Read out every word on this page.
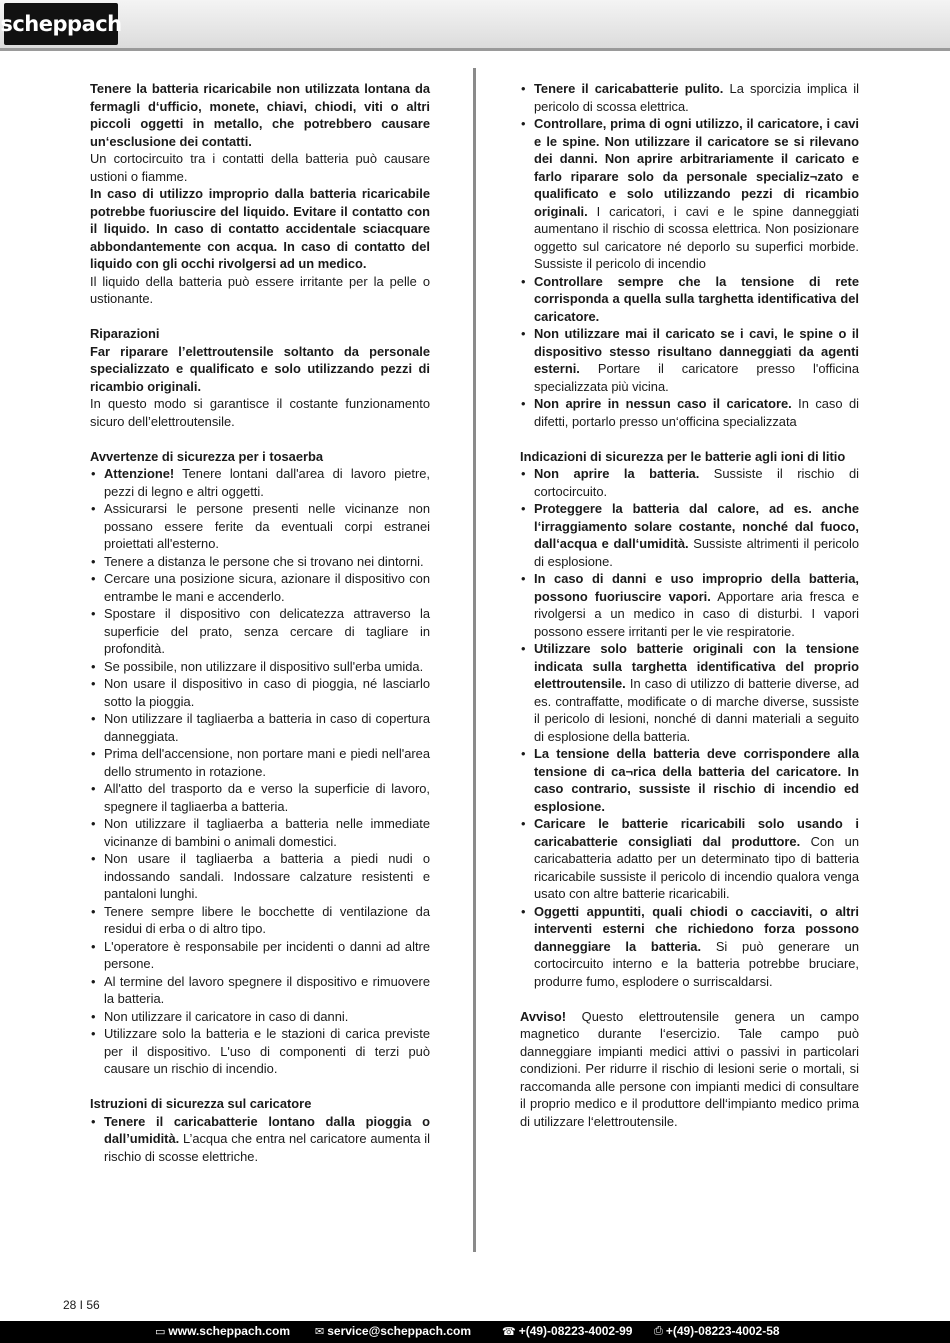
scheppach

Tenere la batteria ricaricabile non utilizzata lontana da fermagli d‘ufficio, monete, chiavi, chiodi, viti o altri piccoli oggetti in metallo, che potrebbero causare un‘esclusione dei contatti.

Un cortocircuito tra i contatti della batteria può causare ustioni o fiamme.

In caso di utilizzo improprio dalla batteria ricaricabile potrebbe fuoriuscire del liquido. Evitare il contatto con il liquido. In caso di contatto accidentale sciacquare abbondantemente con acqua. In caso di contatto del liquido con gli occhi rivolgersi ad un medico.

Il liquido della batteria può essere irritante per la pelle o ustionante.

Riparazioni

Far riparare l’elettroutensile soltanto da personale specializzato e qualificato e solo utilizzando pezzi di ricambio originali.

In questo modo si garantisce il costante funzionamento sicuro dell’elettroutensile.

Avvertenze di sicurezza per i tosaerba
• Attenzione! Tenere lontani dall'area di lavoro pietre, pezzi di legno e altri oggetti.
• Assicurarsi le persone presenti nelle vicinanze non possano essere ferite da eventuali corpi estranei proiettati all'esterno.
• Tenere a distanza le persone che si trovano nei dintorni.
• Cercare una posizione sicura, azionare il dispositivo con entrambe le mani e accenderlo.
• Spostare il dispositivo con delicatezza attraverso la superficie del prato, senza cercare di tagliare in profondità.
• Se possibile, non utilizzare il dispositivo sull'erba umida.
• Non usare il dispositivo in caso di pioggia, né lasciarlo sotto la pioggia.
• Non utilizzare il tagliaerba a batteria in caso di copertura danneggiata.
• Prima dell'accensione, non portare mani e piedi nell'area dello strumento in rotazione.
• All'atto del trasporto da e verso la superficie di lavoro, spegnere il tagliaerba a batteria.
• Non utilizzare il tagliaerba a batteria nelle immediate vicinanze di bambini o animali domestici.
• Non usare il tagliaerba a batteria a piedi nudi o indossando sandali. Indossare calzature resistenti e pantaloni lunghi.
• Tenere sempre libere le bocchette di ventilazione da residui di erba o di altro tipo.
• L'operatore è responsabile per incidenti o danni ad altre persone.
• Al termine del lavoro spegnere il dispositivo e rimuovere la batteria.
• Non utilizzare il caricatore in caso di danni.
• Utilizzare solo la batteria e le stazioni di carica previste per il dispositivo. L'uso di componenti di terzi può causare un rischio di incendio.
Istruzioni di sicurezza sul caricatore
• Tenere il caricabatterie lontano dalla pioggia o dall’umidità. L’acqua che entra nel caricatore aumenta il rischio di scosse elettriche.
• Tenere il caricabatterie pulito. La sporcizia implica il pericolo di scossa elettrica.
• Controllare, prima di ogni utilizzo, il caricatore, i cavi e le spine. Non utilizzare il caricatore se si rilevano dei danni. Non aprire arbitrariamente il caricato e farlo riparare solo da personale specializ¬zato e qualificato e solo utilizzando pezzi di ricambio originali. I caricatori, i cavi e le spine danneggiati aumentano il rischio di scossa elettrica. Non posizionare oggetto sul caricatore né deporlo su superfici morbide. Sussiste il pericolo di incendio
• Controllare sempre che la tensione di rete corrisponda a quella sulla targhetta identificativa del caricatore.
• Non utilizzare mai il caricato se i cavi, le spine o il dispositivo stesso risultano danneggiati da agenti esterni. Portare il caricatore presso l'officina specializzata più vicina.
• Non aprire in nessun caso il caricatore. In caso di difetti, portarlo presso un‘officina specializzata
Indicazioni di sicurezza per le batterie agli ioni di litio
• Non aprire la batteria. Sussiste il rischio di cortocircuito.
• Proteggere la batteria dal calore, ad es. anche l‘irraggiamento solare costante, nonché dal fuoco, dall‘acqua e dall‘umidità. Sussiste altrimenti il pericolo di esplosione.
• In caso di danni e uso improprio della batteria, possono fuoriuscire vapori. Apportare aria fresca e rivolgersi a un medico in caso di disturbi. I vapori possono essere irritanti per le vie respiratorie.
• Utilizzare solo batterie originali con la tensione indicata sulla targhetta identificativa del proprio elettroutensile. In caso di utilizzo di batterie diverse, ad es. contraffatte, modificate o di marche diverse, sussiste il pericolo di lesioni, nonché di danni materiali a seguito di esplosione della batteria.
• La tensione della batteria deve corrispondere alla tensione di ca¬rica della batteria del caricatore. In caso contrario, sussiste il rischio di incendio ed esplosione.
• Caricare le batterie ricaricabili solo usando i caricabatterie consigliati dal produttore. Con un caricabatteria adatto per un determinato tipo di batteria ricaricabile sussiste il pericolo di incendio qualora venga usato con altre batterie ricaricabili.
• Oggetti appuntiti, quali chiodi o cacciaviti, o altri interventi esterni che richiedono forza possono danneggiare la batteria. Si può generare un cortocircuito interno e la batteria potrebbe bruciare, produrre fumo, esplodere o surriscaldarsi.

Avviso! Questo elettroutensile genera un campo magnetico durante l‘esercizio. Tale campo può danneggiare impianti medici attivi o passivi in particolari condizioni. Per ridurre il rischio di lesioni serie o mortali, si raccomanda alle persone con impianti medici di consultare il proprio medico e il produttore dell‘impianto medico prima di utilizzare l‘elettroutensile.

28 I 56
▭ www.scheppach.com ✉ service@scheppach.com	☎ +(49)-08223-4002-99 ⎙ +(49)-08223-4002-58
